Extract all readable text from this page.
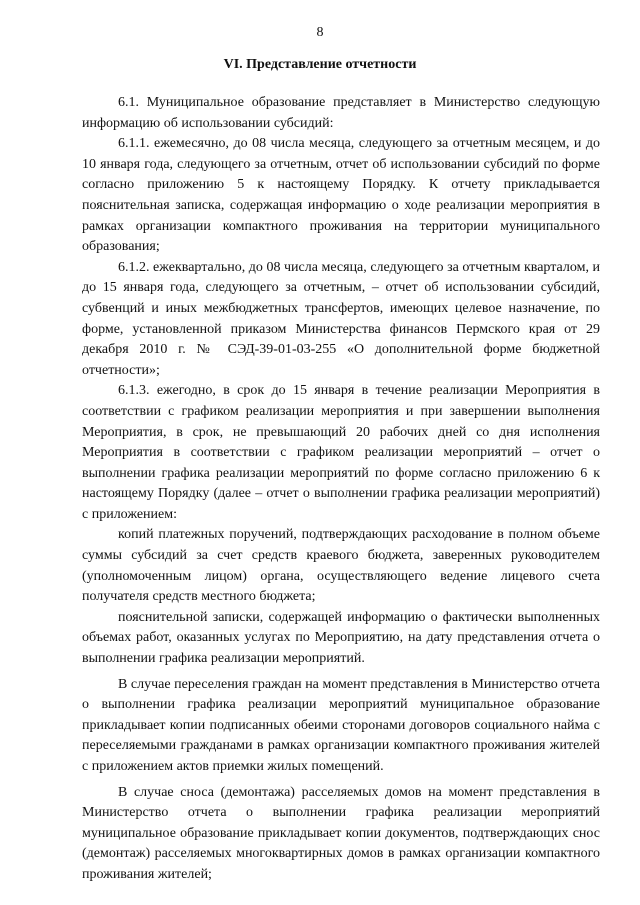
8
VI. Представление отчетности

6.1. Муниципальное образование представляет в Министерство следующую информацию об использовании субсидий:

6.1.1. ежемесячно, до 08 числа месяца, следующего за отчетным месяцем, и до 10 января года, следующего за отчетным, отчет об использовании субсидий по форме согласно приложению 5 к настоящему Порядку. К отчету прикладывается пояснительная записка, содержащая информацию о ходе реализации мероприятия в рамках организации компактного проживания на территории муниципального образования;

6.1.2. ежеквартально, до 08 числа месяца, следующего за отчетным кварталом, и до 15 января года, следующего за отчетным, – отчет об использовании субсидий, субвенций и иных межбюджетных трансфертов, имеющих целевое назначение, по форме, установленной приказом Министерства финансов Пермского края от 29 декабря 2010 г. № СЭД-39-01-03-255 «О дополнительной форме бюджетной отчетности»;

6.1.3. ежегодно, в срок до 15 января в течение реализации Мероприятия в соответствии с графиком реализации мероприятия и при завершении выполнения Мероприятия, в срок, не превышающий 20 рабочих дней со дня исполнения Мероприятия в соответствии с графиком реализации мероприятий – отчет о выполнении графика реализации мероприятий по форме согласно приложению 6 к настоящему Порядку (далее – отчет о выполнении графика реализации мероприятий) с приложением:

копий платежных поручений, подтверждающих расходование в полном объеме суммы субсидий за счет средств краевого бюджета, заверенных руководителем (уполномоченным лицом) органа, осуществляющего ведение лицевого счета получателя средств местного бюджета;

пояснительной записки, содержащей информацию о фактически выполненных объемах работ, оказанных услугах по Мероприятию, на дату представления отчета о выполнении графика реализации мероприятий.

В случае переселения граждан на момент представления в Министерство отчета о выполнении графика реализации мероприятий муниципальное образование прикладывает копии подписанных обеими сторонами договоров социального найма с переселяемыми гражданами в рамках организации компактного проживания жителей с приложением актов приемки жилых помещений.

В случае сноса (демонтажа) расселяемых домов на момент представления в Министерство отчета о выполнении графика реализации мероприятий муниципальное образование прикладывает копии документов, подтверждающих снос (демонтаж) расселяемых многоквартирных домов в рамках организации компактного проживания жителей;
